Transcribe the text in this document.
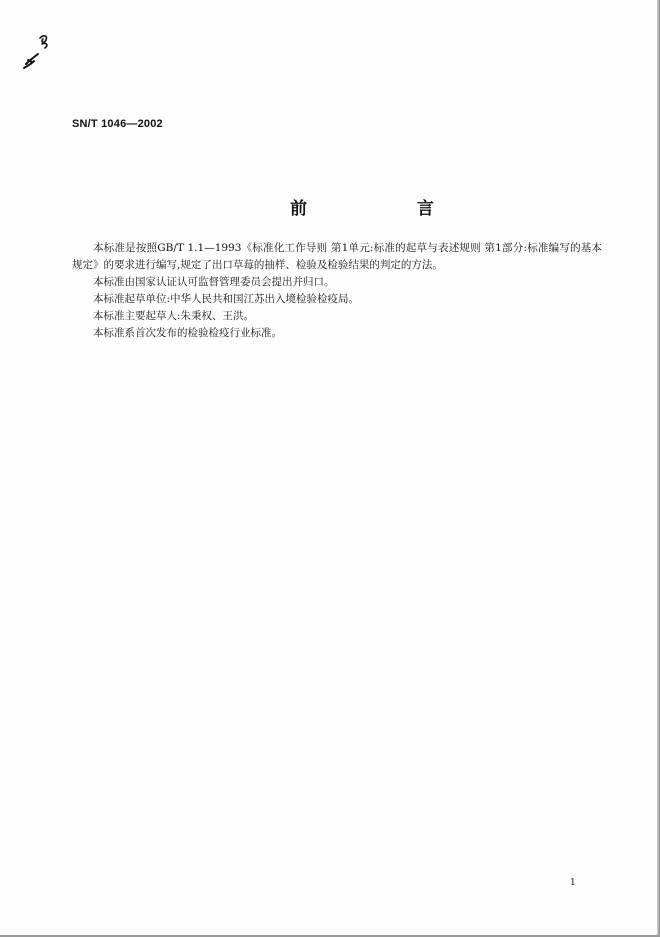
SN/T 1046—2002
前 言

本标准是按照GB/T 1.1—1993《标准化工作导则 第1单元:标准的起草与表述规则 第1部分:标准编写的基本规定》的要求进行编写,规定了出口草莓的抽样、检验及检验结果的判定的方法。

本标准由国家认证认可监督管理委员会提出并归口。

本标准起草单位:中华人民共和国江苏出入境检验检疫局。

本标准主要起草人:朱秉权、王洪。

本标准系首次发布的检验检疫行业标准。

1
